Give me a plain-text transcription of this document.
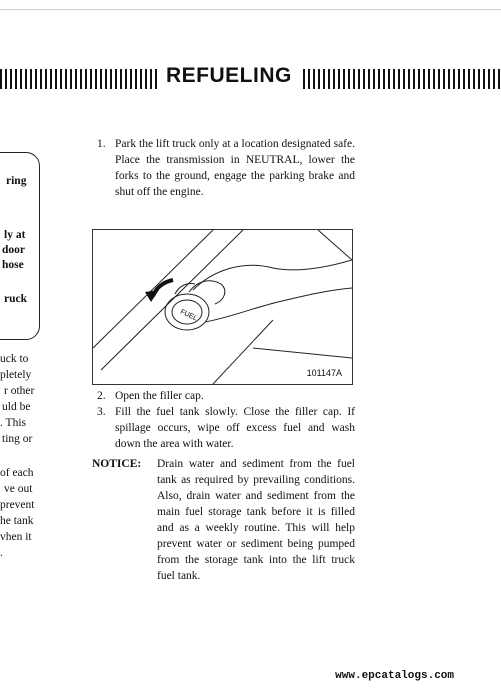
REFUELING
ring
ly at
door
hose
ruck
uck to
pletely
r other
uld be
. This
ting or
of each
ve out
prevent
he tank
vhen it
.
1. Park the lift truck only at a location designated safe. Place the transmission in NEUTRAL, lower the forks to the ground, engage the parking brake and shut off the engine.
FUEL
101147A
2. Open the filler cap.
3. Fill the fuel tank slowly. Close the filler cap. If spillage occurs, wipe off excess fuel and wash down the area with water.
NOTICE: Drain water and sediment from the fuel tank as required by prevailing conditions. Also, drain water and sediment from the main fuel storage tank before it is filled and as a weekly routine. This will help prevent water or sediment being pumped from the storage tank into the lift truck fuel tank.
www.epcatalogs.com
